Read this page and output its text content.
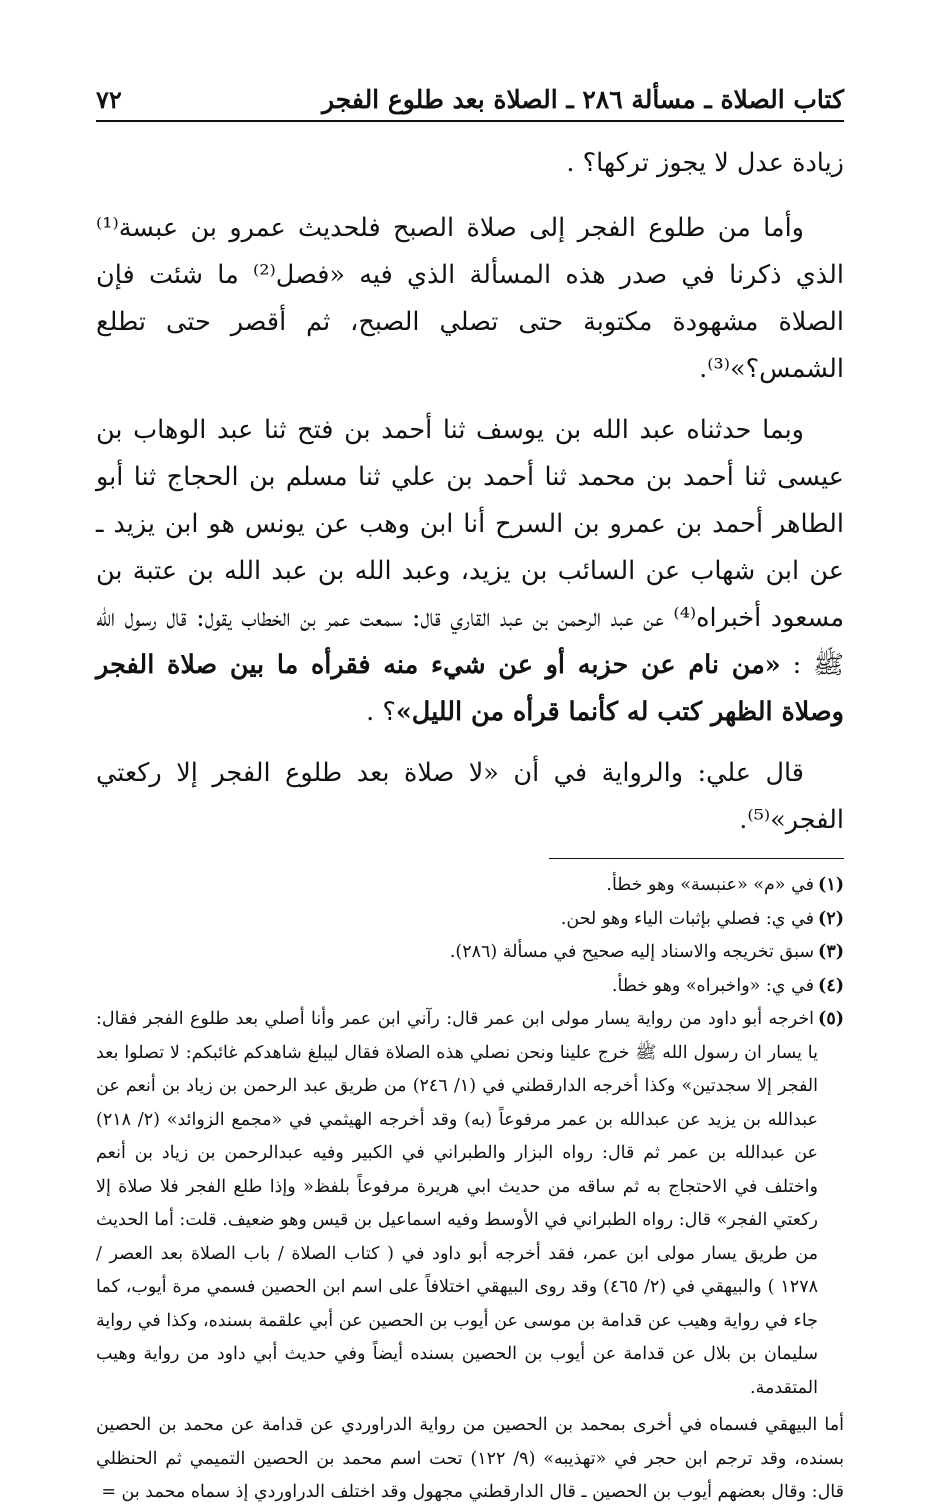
كتاب الصلاة ـ مسألة ٢٨٦ ـ الصلاة بعد طلوع الفجر
٧٢

زيادة عدل لا يجوز تركها؟ .

وأما من طلوع الفجر إلى صلاة الصبح فلحديث عمرو بن عبسة⁽¹⁾ الذي ذكرنا في صدر هذه المسألة الذي فيه «فصل⁽²⁾ ما شئت فإن الصلاة مشهودة مكتوبة حتى تصلي الصبح، ثم أقصر حتى تطلع الشمس؟»⁽³⁾.

وبما حدثناه عبد الله بن يوسف ثنا أحمد بن فتح ثنا عبد الوهاب بن عيسى ثنا أحمد بن محمد ثنا أحمد بن علي ثنا مسلم بن الحجاج ثنا أبو الطاهر أحمد بن عمرو بن السرح أنا ابن وهب عن يونس هو ابن يزيد ـ عن ابن شهاب عن السائب بن يزيد، وعبد الله بن عبد الله بن عتبة بن مسعود أخبراه⁽⁴⁾ عن عبد الرحمن بن عبد القاري قال: سمعت عمر بن الخطاب يقول: قال رسول الله ﷺ : «من نام عن حزبه أو عن شيء منه فقرأه ما بين صلاة الفجر وصلاة الظهر كتب له كأنما قرأه من الليل»؟ .

قال علي: والرواية في أن «لا صلاة بعد طلوع الفجر إلا ركعتي الفجر»⁽⁵⁾.

(١)في «م» «عنبسة» وهو خطأ.

(٢)في ي: فصلي بإثبات الياء وهو لحن.

(٣)سبق تخريجه والاسناد إليه صحيح في مسألة (٢٨٦).

(٤)في ي: «واخبراه» وهو خطأ.

(٥)اخرجه أبو داود من رواية يسار مولى ابن عمر قال: رآني ابن عمر وأنا أصلي بعد طلوع الفجر فقال: يا يسار ان رسول الله ﷺ خرج علينا ونحن نصلي هذه الصلاة فقال ليبلغ شاهدكم غائبكم: لا تصلوا بعد الفجر إلا سجدتين» وكذا أخرجه الدارقطني في (١/ ٢٤٦) من طريق عبد الرحمن بن زياد بن أنعم عن عبدالله بن يزيد عن عبدالله بن عمر مرفوعاً (به) وقد أخرجه الهيثمي في «مجمع الزوائد» (٢/ ٢١٨) عن عبدالله بن عمر ثم قال: رواه البزار والطبراني في الكبير وفيه عبدالرحمن بن زياد بن أنعم واختلف في الاحتجاج به ثم ساقه من حديث ابي هريرة مرفوعاً بلفظ« وإذا طلع الفجر فلا صلاة إلا ركعتي الفجر» قال: رواه الطبراني في الأوسط وفيه اسماعيل بن قيس وهو ضعيف. قلت: أما الحديث من طريق يسار مولى ابن عمر، فقد أخرجه أبو داود في ( كتاب الصلاة / باب الصلاة بعد العصر / ١٢٧٨ ) والبيهقي في (٢/ ٤٦٥) وقد روى البيهقي اختلافاً على اسم ابن الحصين فسمي مرة أيوب، كما جاء في رواية وهيب عن قدامة بن موسى عن أيوب بن الحصين عن أبي علقمة بسنده، وكذا في رواية سليمان بن بلال عن قدامة عن أيوب بن الحصين بسنده أيضاً وفي حديث أبي داود من رواية وهيب المتقدمة.

أما البيهقي فسماه في أخرى بمحمد بن الحصين من رواية الدراوردي عن قدامة عن محمد بن الحصين بسنده، وقد ترجم ابن حجر في «تهذيبه» (٩/ ١٢٢) تحت اسم محمد بن الحصين التميمي ثم الحنظلي قال: وقال بعضهم أيوب بن الحصين ـ قال الدارقطني مجهول وقد اختلف الدراوردي إذ سماه محمد بن =
